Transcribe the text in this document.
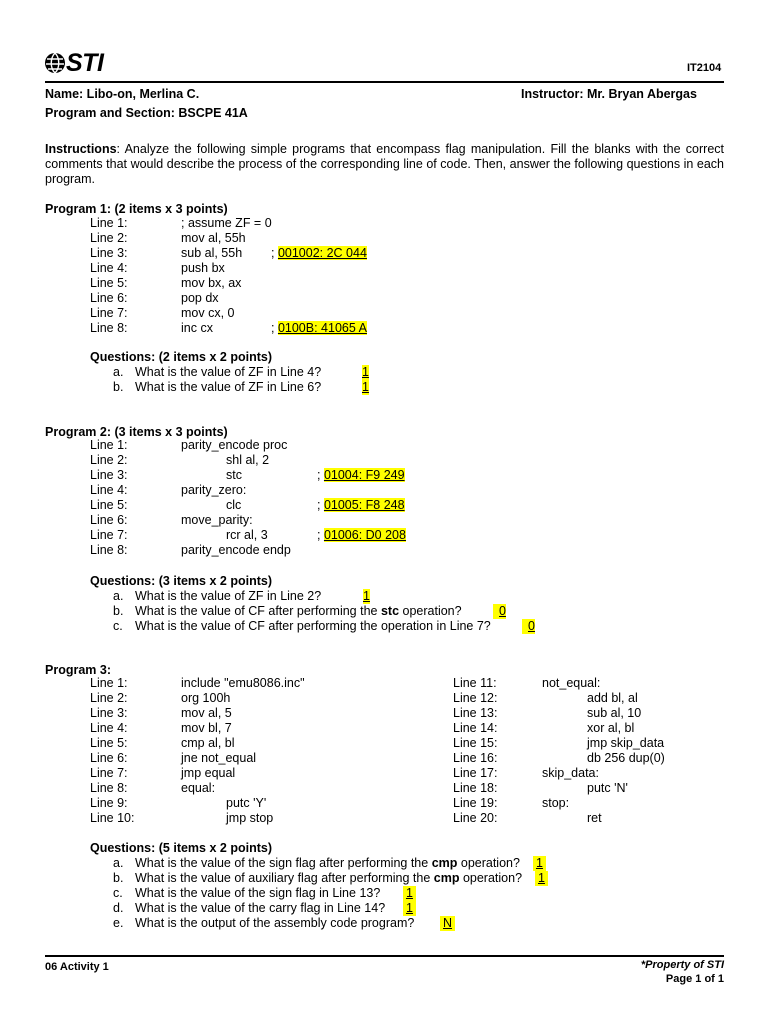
STI	IT2104
Name: Libo-on, Merlina C.	Instructor: Mr. Bryan Abergas
Program and Section: BSCPE 41A
Instructions: Analyze the following simple programs that encompass flag manipulation. Fill the blanks with the correct comments that would describe the process of the corresponding line of code. Then, answer the following questions in each program.
Program 1: (2 items x 3 points)
Line 1:	; assume ZF = 0
Line 2:	mov al, 55h
Line 3:	sub al, 55h ; 001002: 2C 044
Line 4:	push bx
Line 5:	mov bx, ax
Line 6:	pop dx
Line 7:	mov cx, 0
Line 8:	inc cx	; 0100B: 41065 A
Questions: (2 items x 2 points)
a. What is the value of ZF in Line 4?	1
b. What is the value of ZF in Line 6?	1
Program 2: (3 items x 3 points)
Line 1:	parity_encode proc
Line 2:	shl al, 2
Line 3:	stc	; 01004: F9 249
Line 4:	parity_zero:
Line 5:	clc	; 01005: F8 248
Line 6:	move_parity:
Line 7:	rcr al, 3	; 01006: D0 208
Line 8:	parity_encode endp
Questions: (3 items x 2 points)
a. What is the value of ZF in Line 2?	1
b. What is the value of CF after performing the stc operation?	0
c. What is the value of CF after performing the operation in Line 7?	0
Program 3:
Line 1:	include "emu8086.inc"
Line 2:	org 100h
Line 3:	mov al, 5
Line 4:	mov bl, 7
Line 5:	cmp al, bl
Line 6:	jne not_equal
Line 7:	jmp equal
Line 8:	equal:
Line 9:	putc 'Y'
Line 10:	jmp stop
Line 11:	not_equal:
Line 12:	add bl, al
Line 13:	sub al, 10
Line 14:	xor al, bl
Line 15:	jmp skip_data
Line 16:	db 256 dup(0)
Line 17:	skip_data:
Line 18:	putc 'N'
Line 19:	stop:
Line 20:	ret
Questions: (5 items x 2 points)
a. What is the value of the sign flag after performing the cmp operation? 1
b. What is the value of auxiliary flag after performing the cmp operation? 1
c. What is the value of the sign flag in Line 13? 1
d. What is the value of the carry flag in Line 14? 1
e. What is the output of the assembly code program? N
06 Activity 1	*Property of STI
Page 1 of 1
